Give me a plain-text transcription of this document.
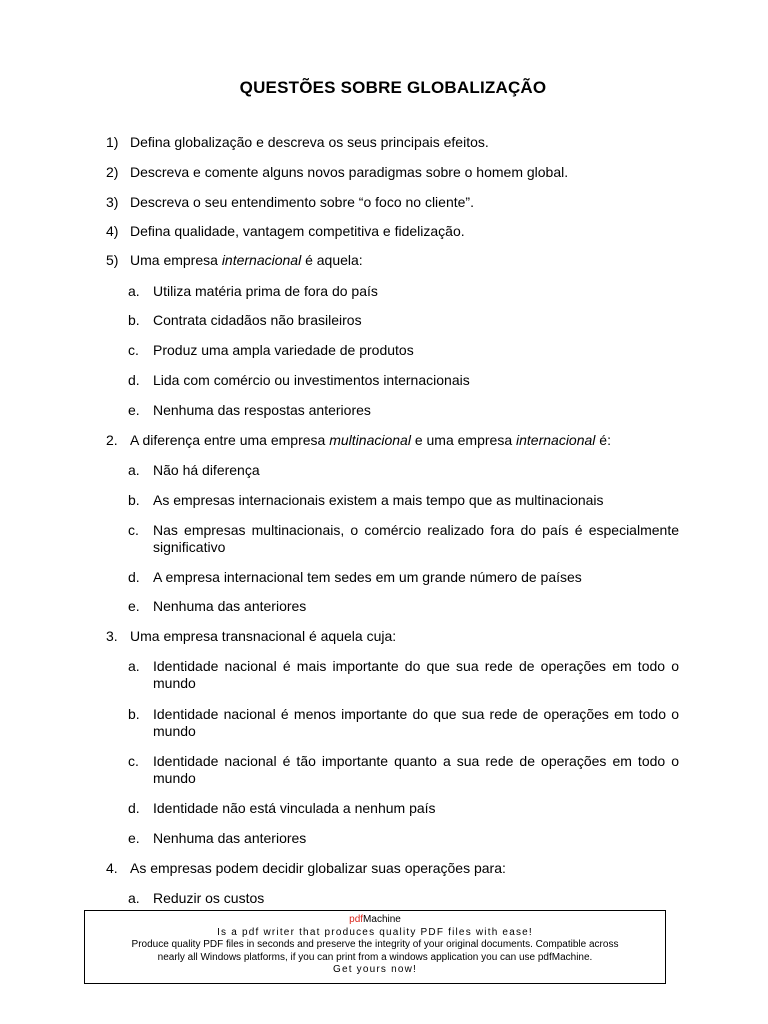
QUESTÕES SOBRE GLOBALIZAÇÃO
1) Defina globalização e descreva os seus principais efeitos.
2) Descreva e comente alguns novos paradigmas sobre o homem global.
3) Descreva o seu entendimento sobre “o foco no cliente”.
4) Defina qualidade, vantagem competitiva e fidelização.
5) Uma empresa internacional é aquela:
a. Utiliza matéria prima de fora do país
b. Contrata cidadãos não brasileiros
c. Produz uma ampla variedade de produtos
d. Lida com comércio ou investimentos internacionais
e. Nenhuma das respostas anteriores
2. A diferença entre uma empresa multinacional e uma empresa internacional é:
a. Não há diferença
b. As empresas internacionais existem a mais tempo que as multinacionais
c. Nas empresas multinacionais, o comércio realizado fora do país é especialmente significativo
d. A empresa internacional tem sedes em um grande número de países
e. Nenhuma das anteriores
3. Uma empresa transnacional é aquela cuja:
a. Identidade nacional é mais importante do que sua rede de operações em todo o mundo
b. Identidade nacional é menos importante do que sua rede de operações em todo o mundo
c. Identidade nacional é tão importante quanto a sua rede de operações em todo o mundo
d. Identidade não está vinculada a nenhum país
e. Nenhuma das anteriores
4. As empresas podem decidir globalizar suas operações para:
a. Reduzir os custos
pdfMachine
Is a pdf writer that produces quality PDF files with ease!
Produce quality PDF files in seconds and preserve the integrity of your original documents. Compatible across
nearly all Windows platforms, if you can print from a windows application you can use pdfMachine.
Get yours now!
